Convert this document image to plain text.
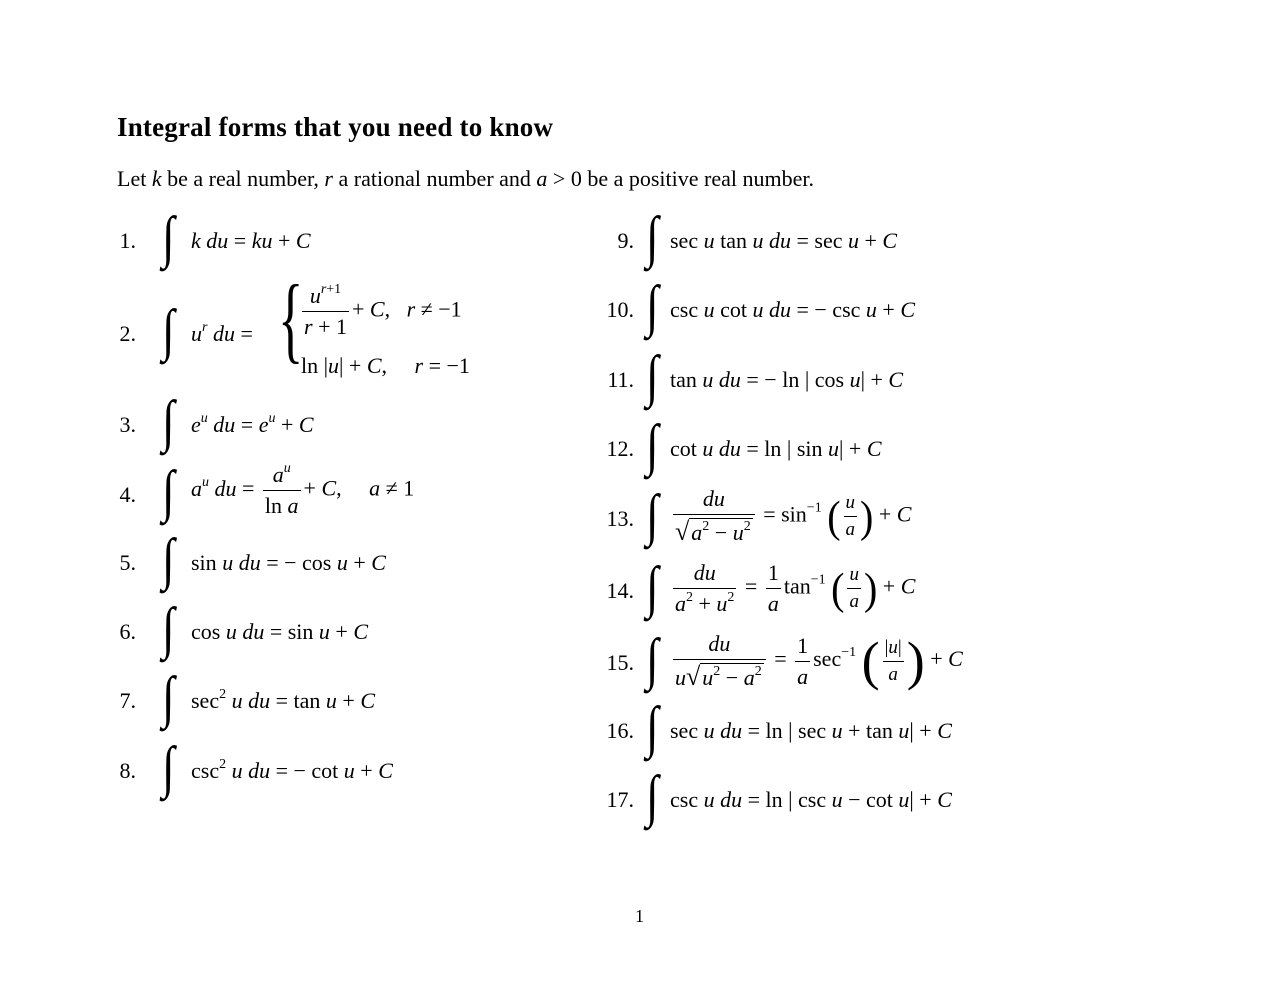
Integral forms that you need to know
Let k be a real number, r a rational number and a > 0 be a positive real number.
1. ∫ k du = ku + C
2. ∫ $u^r$ du = {
$\frac{u^{r+1}}{r + 1} + C$,   r ≠ −1
ln |u| + C,     r = −1
3. ∫ $e^u$ du = $e^u + C$
4. ∫ $a^u$ du = $\frac{a^u}{\text{ln a}} + C$,     a ≠ 1
5. ∫ sin u du = − cos u + C
6. ∫ cos u du = sin u + C
7. ∫ $\sec^2 u$ du = tan u + C
8. ∫ $\csc^2 u$ du = − cot u + C
9. ∫ sec u tan u du = sec u + C
10. ∫ csc u cot u du = − csc u + C
11. ∫ tan u du = − ln | cos u| + C
12. ∫ cot u du = ln | sin u| + C
13. ∫ $\frac{du}{√a^2 - u^2} = \sin^{-1}$ ( $\frac{u}{a}$ ) + C
14. ∫ $\frac{du}{a^2 + u^2} = \frac{1}{a} \tan^{-1}$ ( $\frac{u}{a}$ ) + C
15. ∫ $\frac{du}{u√u^2 - a^2} = \frac{1}{a} \sec^{-1}$ ( $\frac{|u|}{a}$ ) + C
16. ∫ sec u du = ln | sec u + tan u| + C
17. ∫ csc u du = ln | csc u − cot u| + C
1
